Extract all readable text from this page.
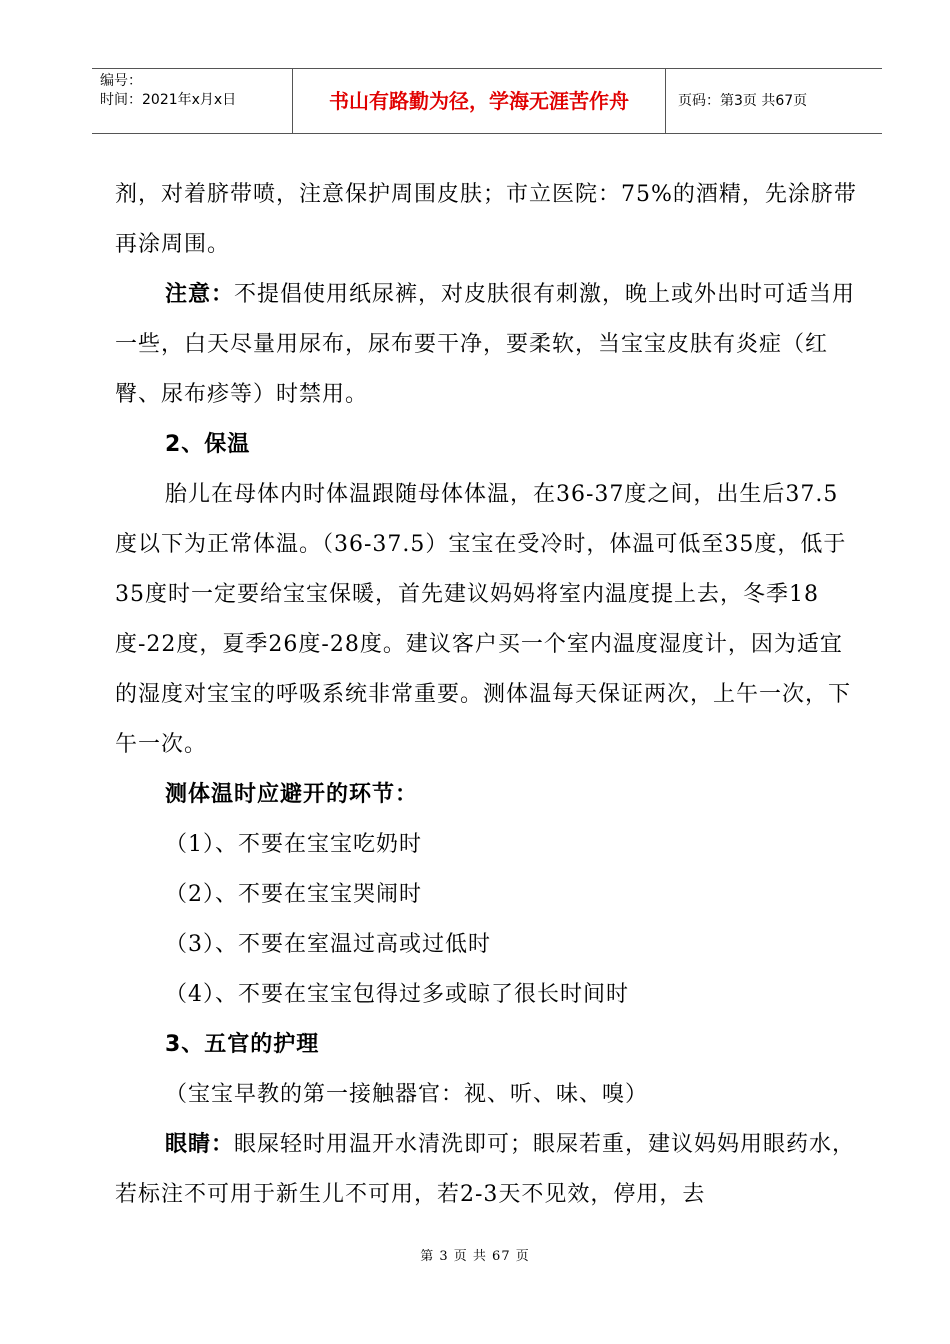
编号：
时间：2021年x月x日	书山有路勤为径，学海无涯苦作舟	页码：第3页 共67页

剂，对着脐带喷，注意保护周围皮肤；市立医院：75%的酒精，先涂脐带再涂周围。

注意：不提倡使用纸尿裤，对皮肤很有刺激，晚上或外出时可适当用一些，白天尽量用尿布，尿布要干净，要柔软，当宝宝皮肤有炎症（红臀、尿布疹等）时禁用。

2、保温

胎儿在母体内时体温跟随母体体温，在36-37度之间，出生后37.5度以下为正常体温。（36-37.5）宝宝在受冷时，体温可低至35度，低于35度时一定要给宝宝保暖，首先建议妈妈将室内温度提上去，冬季18度-22度，夏季26度-28度。建议客户买一个室内温度湿度计，因为适宜的湿度对宝宝的呼吸系统非常重要。测体温每天保证两次，上午一次，下午一次。

测体温时应避开的环节：

（1）、不要在宝宝吃奶时

（2）、不要在宝宝哭闹时

（3）、不要在室温过高或过低时

（4）、不要在宝宝包得过多或晾了很长时间时

3、五官的护理

（宝宝早教的第一接触器官：视、听、味、嗅）

眼睛：眼屎轻时用温开水清洗即可；眼屎若重，建议妈妈用眼药水，若标注不可用于新生儿不可用，若2-3天不见效，停用，去

第 3 页 共 67 页
